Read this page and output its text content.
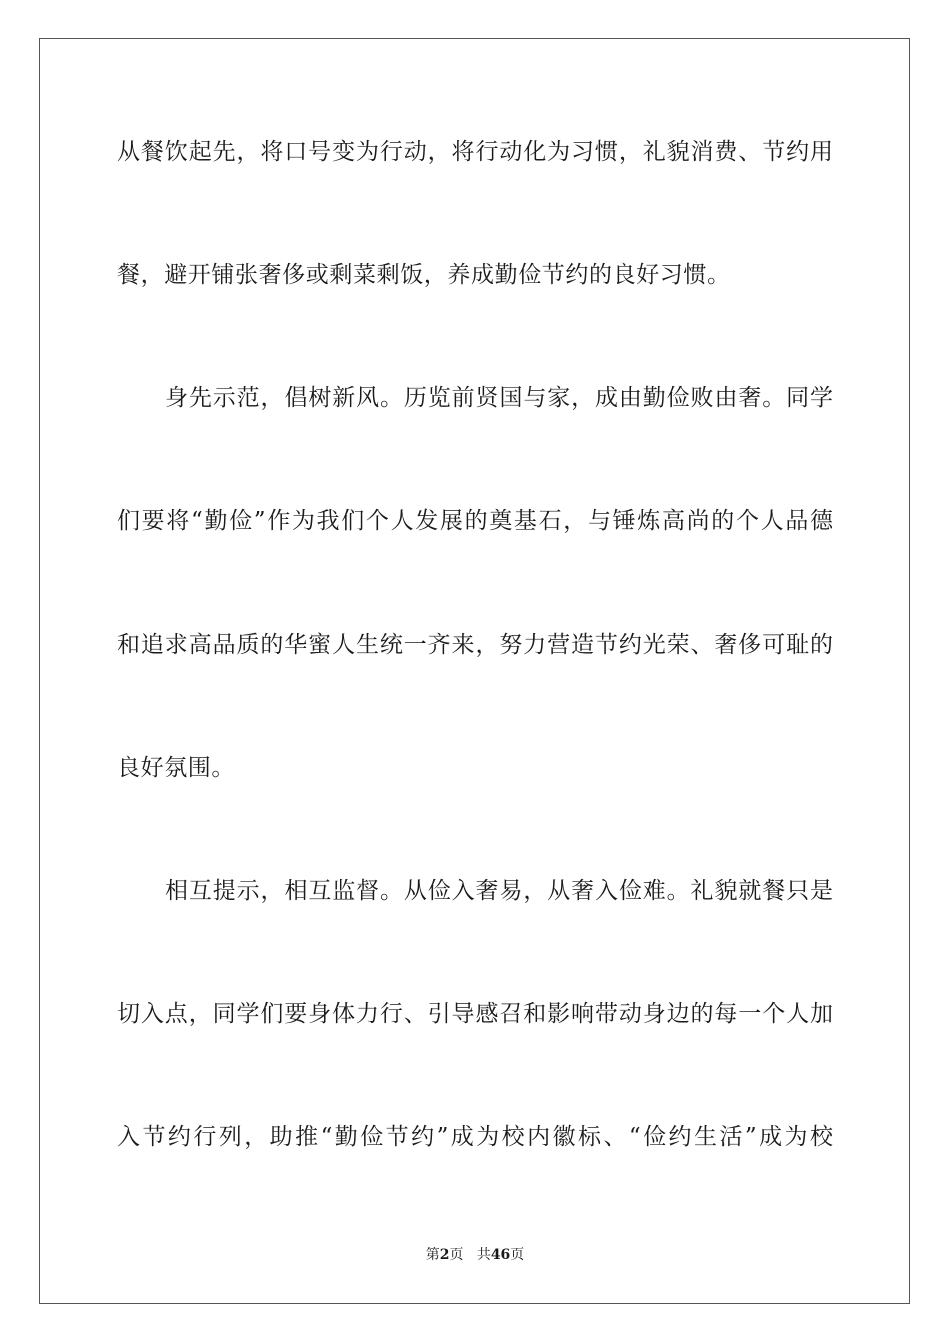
从餐饮起先，将口号变为行动，将行动化为习惯，礼貌消费、节约用
餐，避开铺张奢侈或剩菜剩饭，养成勤俭节约的良好习惯。
身先示范，倡树新风。历览前贤国与家，成由勤俭败由奢。同学
们要将“勤俭”作为我们个人发展的奠基石，与锤炼高尚的个人品德
和追求高品质的华蜜人生统一齐来，努力营造节约光荣、奢侈可耻的
良好氛围。
相互提示，相互监督。从俭入奢易，从奢入俭难。礼貌就餐只是
切入点，同学们要身体力行、引导感召和影响带动身边的每一个人加
入节约行列，助推“勤俭节约”成为校内徽标、“俭约生活”成为校
第2页 共46页
